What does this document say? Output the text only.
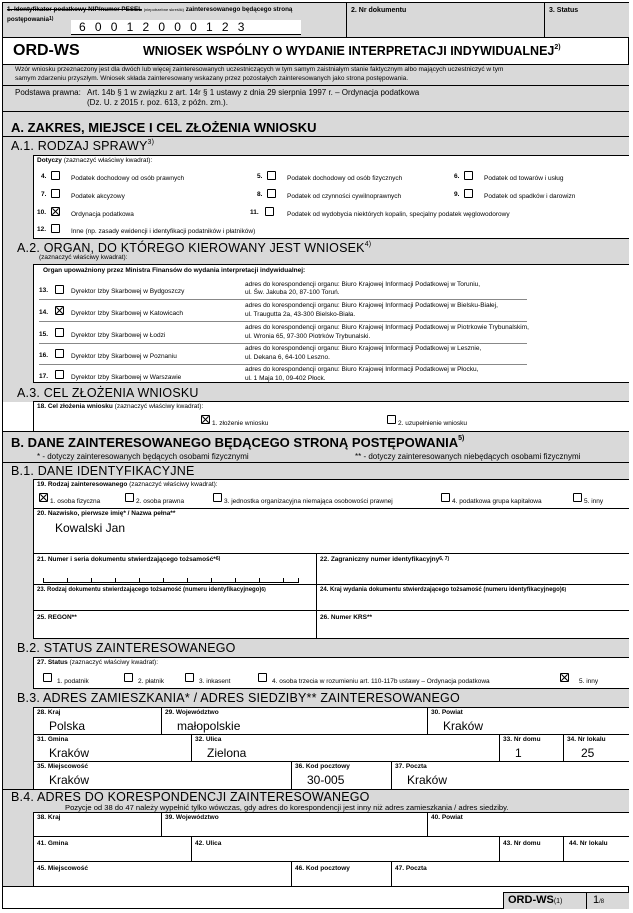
1. Identyfikator podatkowy NIP/numer PESEL (niepotrzebne skreślić) zainteresowanego będącego stroną
postępowania$^{1)}$
60012000123
2. Nr dokumentu	3. Status
ORD-WS	WNIOSEK WSPÓLNY O WYDANIE INTERPRETACJI INDYWIDUALNEJ$^{2)}$
Wzór wniosku przeznaczony jest dla dwóch lub więcej zainteresowanych uczestniczących w tym samym zaistniałym stanie faktycznym albo mających uczestniczyć w tym
samym zdarzeniu przyszłym. Wniosek składa zainteresowany wskazany przez pozostałych zainteresowanych jako strona postępowania.
Podstawa prawna: Art. 14b § 1 w związku z art. 14r § 1 ustawy z dnia 29 sierpnia 1997 r. – Ordynacja podatkowa
(Dz. U. z 2015 r. poz. 613, z późn. zm.).
A. ZAKRES, MIEJSCE I CEL ZŁOŻENIA WNIOSKU
A.1. RODZAJ SPRAWY$^{3)}$
Dotyczy (zaznaczyć właściwy kwadrat):
4.	Podatek dochodowy od osób prawnych	5.	Podatek dochodowy od osób fizycznych	6.	Podatek od towarów i usług
7.	Podatek akcyzowy	8.	Podatek od czynności cywilnoprawnych	9.	Podatek od spadków i darowizn
10.	Ordynacja podatkowa	11.	Podatek od wydobycia niektórych kopalin, specjalny podatek węglowodorowy
12.	Inne (np. zasady ewidencji i identyfikacji podatników i płatników)
A.2. ORGAN, DO KTÓREGO KIEROWANY JEST WNIOSEK$^{4)}$
(zaznaczyć właściwy kwadrat):
Organ upoważniony przez Ministra Finansów do wydania interpretacji indywidualnej:
13.	Dyrektor Izby Skarbowej w Bydgoszczy
adres do korespondencji organu: Biuro Krajowej Informacji Podatkowej w Toruniu,
ul. Św. Jakuba 20, 87-100 Toruń.
14.	Dyrektor Izby Skarbowej w Katowicach
adres do korespondencji organu: Biuro Krajowej Informacji Podatkowej w Bielsku-Białej,
ul. Traugutta 2a, 43-300 Bielsko-Biała.
15.	Dyrektor Izby Skarbowej w Łodzi
adres do korespondencji organu: Biuro Krajowej Informacji Podatkowej w Piotrkowie Trybunalskim,
ul. Wronia 65, 97-300 Piotrków Trybunalski.
16.	Dyrektor Izby Skarbowej w Poznaniu
adres do korespondencji organu: Biuro Krajowej Informacji Podatkowej w Lesznie,
ul. Dekana 6, 64-100 Leszno.
17.	Dyrektor Izby Skarbowej w Warszawie
adres do korespondencji organu: Biuro Krajowej Informacji Podatkowej w Płocku,
ul. 1 Maja 10, 09-402 Płock.
A.3. CEL ZŁOŻENIA WNIOSKU
18. Cel złożenia wniosku (zaznaczyć właściwy kwadrat):
1. złożenie wniosku	2. uzupełnienie wniosku
B. DANE ZAINTERESOWANEGO BĘDĄCEGO STRONĄ POSTĘPOWANIA$^{5)}$
* - dotyczy zainteresowanych będących osobami fizycznymi	** - dotyczy zainteresowanych niebędących osobami fizycznymi
B.1. DANE IDENTYFIKACYJNE
19. Rodzaj zainteresowanego (zaznaczyć właściwy kwadrat):
1. osoba fizyczna	2. osoba prawna	3. jednostka organizacyjna niemająca osobowości prawnej	4. podatkowa grupa kapitałowa	5. inny
20. Nazwisko, pierwsze imię* / Nazwa pełna**
Kowalski Jan
21. Numer i seria dokumentu stwierdzającego tożsamość*$^{6)}$	22. Zagraniczny numer identyfikacyjny$^{6, 7)}$
23. Rodzaj dokumentu stwierdzającego tożsamość (numeru identyfikacyjnego)$^{6)}$	24. Kraj wydania dokumentu stwierdzającego tożsamość (numeru identyfikacyjnego)$^{6)}$
25. REGON**	26. Numer KRS**
B.2. STATUS ZAINTERESOWANEGO
27. Status (zaznaczyć właściwy kwadrat):
1. podatnik	2. płatnik	3. inkasent	4. osoba trzecia w rozumieniu art. 110-117b ustawy – Ordynacja podatkowa	5. inny
B.3. ADRES ZAMIESZKANIA* / ADRES SIEDZIBY** ZAINTERESOWANEGO
28. Kraj
Polska
29. Województwo
małopolskie
30. Powiat
Kraków
31. Gmina
Kraków
32. Ulica
Zielona
33. Nr domu
1
34. Nr lokalu
25
35. Miejscowość
Kraków
36. Kod pocztowy
30-005
37. Poczta
Kraków
B.4. ADRES DO KORESPONDENCJI ZAINTERESOWANEGO
Pozycje od 38 do 47 należy wypełnić tylko wówczas, gdy adres do korespondencji jest inny niż adres zamieszkania / adres siedziby.
38. Kraj	39. Województwo	40. Powiat
41. Gmina	42. Ulica	43. Nr domu	44. Nr lokalu
45. Miejscowość	46. Kod pocztowy	47. Poczta
ORD-WS(1)	1/8
